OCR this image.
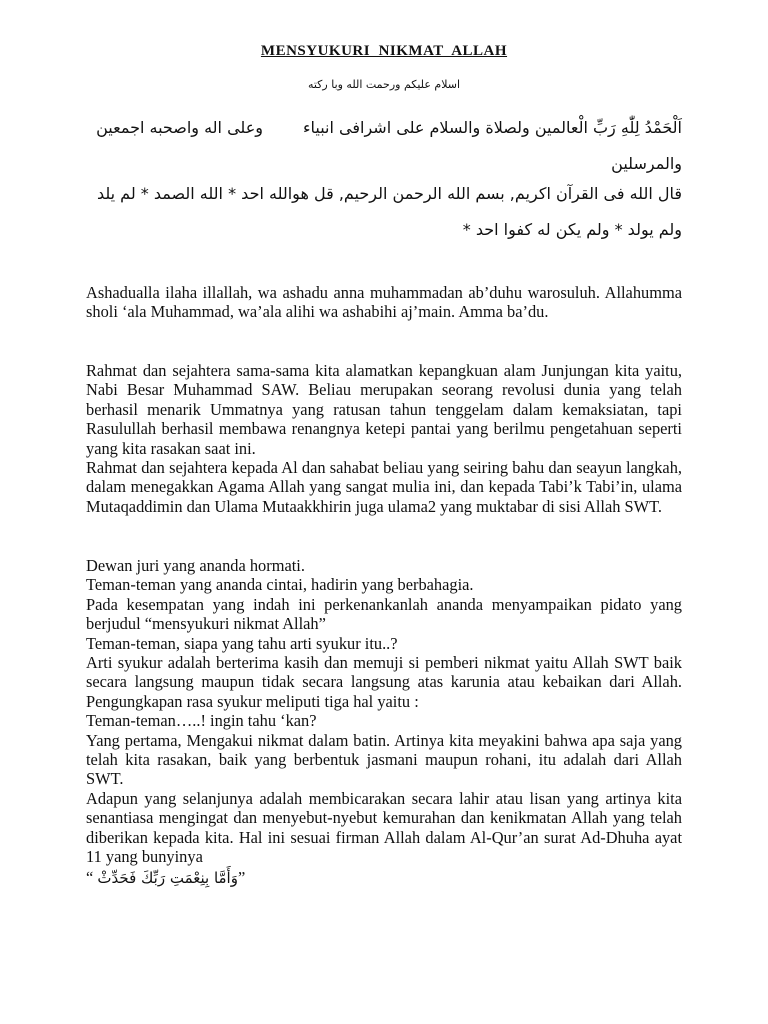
MENSYUKURI  NIKMAT  ALLAH
اسلام عليكم ورحمت الله وبا ركته
اَلْحَمْدُ لِلّٰهِ رَبِّ الْعالمين ولصلاة والسلام على اشرافى انبياءوعلى اله واصحبه اجمعين والمرسلين
قال الله فى القرآن اكريم, بسم الله الرحمن الرحيم, قل هوالله احد * الله الصمد * لم يلد ولم يولد * ولم يكن له كفوا احد *

Ashadualla ilaha illallah, wa ashadu anna muhammadan ab’duhu warosuluh. Allahumma sholi ‘ala Muhammad, wa’ala alihi wa ashabihi aj’main. Amma ba’du.

Rahmat dan sejahtera sama-sama kita alamatkan kepangkuan alam Junjungan kita yaitu, Nabi Besar Muhammad SAW. Beliau merupakan seorang revolusi dunia yang telah berhasil menarik Ummatnya yang ratusan tahun tenggelam dalam kemaksiatan, tapi Rasulullah berhasil membawa renangnya ketepi pantai yang berilmu pengetahuan seperti yang kita rasakan saat ini.

Rahmat dan sejahtera kepada Al dan sahabat beliau yang seiring bahu dan seayun langkah, dalam menegakkan Agama Allah yang sangat mulia ini, dan kepada Tabi’k Tabi’in, ulama Mutaqaddimin dan Ulama Mutaakkhirin juga ulama2 yang muktabar di sisi Allah SWT.

Dewan juri yang ananda hormati.

Teman-teman yang ananda cintai, hadirin yang berbahagia.

Pada kesempatan yang indah ini perkenankanlah ananda menyampaikan pidato yang berjudul “mensyukuri nikmat Allah”

Teman-teman, siapa yang tahu arti syukur itu..?

Arti syukur adalah berterima kasih dan memuji si pemberi nikmat yaitu Allah SWT baik secara langsung maupun tidak secara langsung atas karunia atau kebaikan dari Allah. Pengungkapan rasa syukur meliputi tiga hal yaitu :

Teman-teman…..! ingin tahu ‘kan?

Yang pertama, Mengakui nikmat dalam batin. Artinya kita meyakini bahwa apa saja yang telah kita rasakan, baik yang berbentuk jasmani maupun rohani, itu adalah dari Allah SWT.

Adapun yang selanjunya adalah membicarakan secara lahir atau lisan yang artinya kita senantiasa mengingat dan menyebut-nyebut kemurahan dan kenikmatan Allah yang telah diberikan kepada kita. Hal ini sesuai firman Allah dalam Al-Qur’an surat Ad-Dhuha ayat 11 yang bunyinya

“ وَأَمَّا بِنِعْمَتِ رَبِّكَ فَحَدِّثْ”
